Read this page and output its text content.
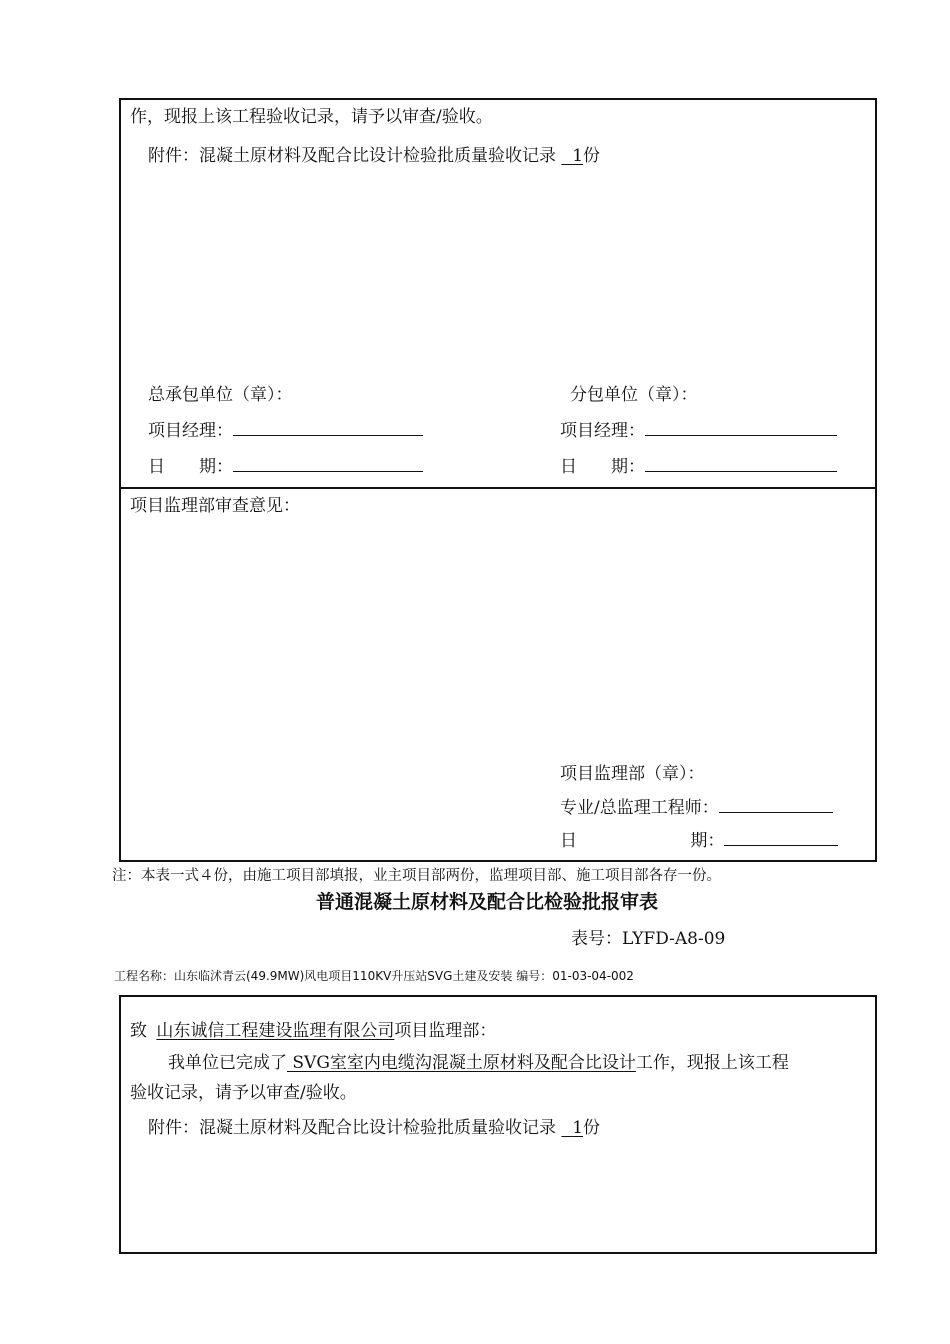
作，现报上该工程验收记录，请予以审查/验收。
附件：混凝土原材料及配合比设计检验批质量验收记录 1份
总承包单位（章）：	分包单位（章）：
项目经理：	项目经理：
日　　期：	日　　期：
项目监理部审查意见：
项目监理部（章）：
专业/总监理工程师：
日	期：
注：本表一式４份，由施工项目部填报，业主项目部两份，监理项目部、施工项目部各存一份。
普通混凝土原材料及配合比检验批报审表
表号：LYFD-A8-09
工程名称：山东临沭青云(49.9MW)风电项目110KV升压站SVG土建及安装 编号：01-03-04-002
致 山东诚信工程建设监理有限公司项目监理部：
我单位已完成了 SVG室室内电缆沟混凝土原材料及配合比设计工作，现报上该工程
验收记录，请予以审查/验收。
附件：混凝土原材料及配合比设计检验批质量验收记录 1份
